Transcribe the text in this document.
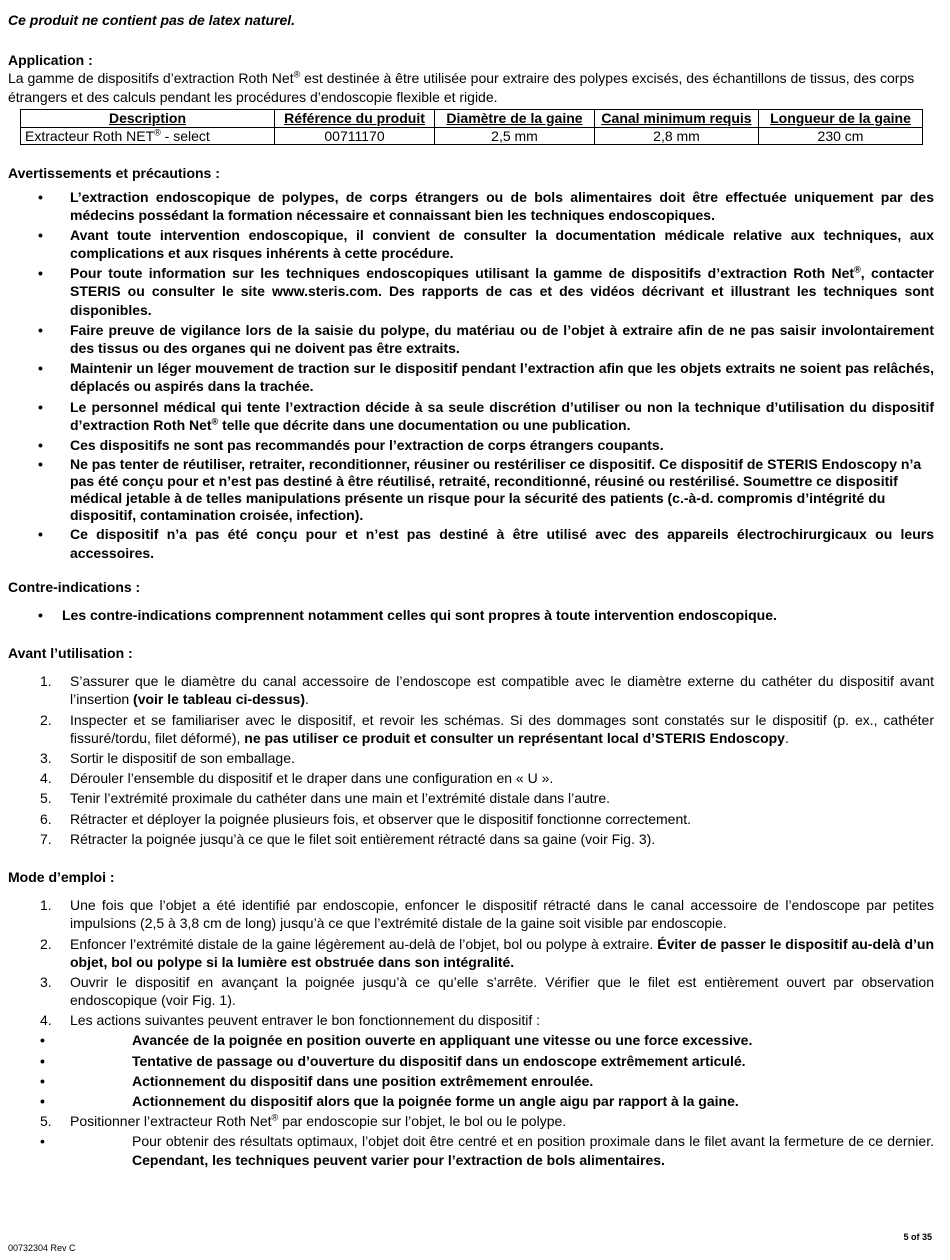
Ce produit ne contient pas de latex naturel.

Application :

La gamme de dispositifs d’extraction Roth Net® est destinée à être utilisée pour extraire des polypes excisés, des échantillons de tissus, des corps étrangers et des calculs pendant les procédures d’endoscopie flexible et rigide.

Description	Référence du produit	Diamètre de la gaine	Canal minimum requis	Longueur de la gaine
Extracteur Roth NET® - select	00711170	2,5 mm	2,8 mm	230 cm
Avertissements et précautions :
• L’extraction endoscopique de polypes, de corps étrangers ou de bols alimentaires doit être effectuée uniquement par des médecins possédant la formation nécessaire et connaissant bien les techniques endoscopiques.
• Avant toute intervention endoscopique, il convient de consulter la documentation médicale relative aux techniques, aux complications et aux risques inhérents à cette procédure.
• Pour toute information sur les techniques endoscopiques utilisant la gamme de dispositifs d’extraction Roth Net®, contacter STERIS ou consulter le site www.steris.com. Des rapports de cas et des vidéos décrivant et illustrant les techniques sont disponibles.
• Faire preuve de vigilance lors de la saisie du polype, du matériau ou de l’objet à extraire afin de ne pas saisir involontairement des tissus ou des organes qui ne doivent pas être extraits.
• Maintenir un léger mouvement de traction sur le dispositif pendant l’extraction afin que les objets extraits ne soient pas relâchés, déplacés ou aspirés dans la trachée.
• Le personnel médical qui tente l’extraction décide à sa seule discrétion d’utiliser ou non la technique d’utilisation du dispositif d’extraction Roth Net® telle que décrite dans une documentation ou une publication.
• Ces dispositifs ne sont pas recommandés pour l’extraction de corps étrangers coupants.
• Ne pas tenter de réutiliser, retraiter, reconditionner, réusiner ou restériliser ce dispositif. Ce dispositif de STERIS Endoscopy n’a pas été conçu pour et n’est pas destiné à être réutilisé, retraité, reconditionné, réusiné ou restérilisé. Soumettre ce dispositif médical jetable à de telles manipulations présente un risque pour la sécurité des patients (c.-à-d. compromis d’intégrité du dispositif, contamination croisée, infection).
• Ce dispositif n’a pas été conçu pour et n’est pas destiné à être utilisé avec des appareils électrochirurgicaux ou leurs accessoires.
Contre-indications :
• Les contre-indications comprennent notamment celles qui sont propres à toute intervention endoscopique.
Avant l’utilisation :
1. S’assurer que le diamètre du canal accessoire de l’endoscope est compatible avec le diamètre externe du cathéter du dispositif avant l’insertion (voir le tableau ci-dessus).
2. Inspecter et se familiariser avec le dispositif, et revoir les schémas. Si des dommages sont constatés sur le dispositif (p. ex., cathéter fissuré/tordu, filet déformé), ne pas utiliser ce produit et consulter un représentant local d’STERIS Endoscopy.
3. Sortir le dispositif de son emballage.
4. Dérouler l’ensemble du dispositif et le draper dans une configuration en « U ».
5. Tenir l’extrémité proximale du cathéter dans une main et l’extrémité distale dans l’autre.
6. Rétracter et déployer la poignée plusieurs fois, et observer que le dispositif fonctionne correctement.
7. Rétracter la poignée jusqu’à ce que le filet soit entièrement rétracté dans sa gaine (voir Fig. 3).
Mode d’emploi :
1. Une fois que l’objet a été identifié par endoscopie, enfoncer le dispositif rétracté dans le canal accessoire de l’endoscope par petites impulsions (2,5 à 3,8 cm de long) jusqu’à ce que l’extrémité distale de la gaine soit visible par endoscopie.
2. Enfoncer l’extrémité distale de la gaine légèrement au-delà de l’objet, bol ou polype à extraire. Éviter de passer le dispositif au-delà d’un objet, bol ou polype si la lumière est obstruée dans son intégralité.
3. Ouvrir le dispositif en avançant la poignée jusqu’à ce qu’elle s’arrête. Vérifier que le filet est entièrement ouvert par observation endoscopique (voir Fig. 1).
4. Les actions suivantes peuvent entraver le bon fonctionnement du dispositif :
•	Avancée de la poignée en position ouverte en appliquant une vitesse ou une force excessive.
•	Tentative de passage ou d’ouverture du dispositif dans un endoscope extrêmement articulé.
•	Actionnement du dispositif dans une position extrêmement enroulée.
•	Actionnement du dispositif alors que la poignée forme un angle aigu par rapport à la gaine.
5. Positionner l’extracteur Roth Net® par endoscopie sur l’objet, le bol ou le polype.
•	Pour obtenir des résultats optimaux, l’objet doit être centré et en position proximale dans le filet avant la fermeture de ce dernier. Cependant, les techniques peuvent varier pour l’extraction de bols alimentaires.
5 of 35
00732304 Rev C
